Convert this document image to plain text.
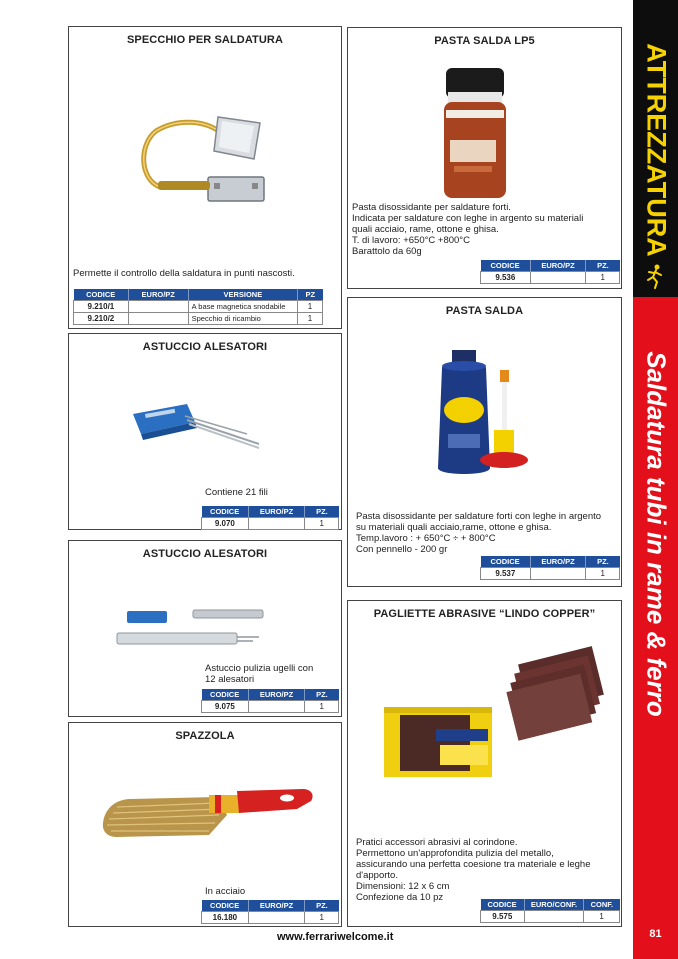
ATTREZZATURA
Saldatura tubi in rame & ferro
81
SPECCHIO PER SALDATURA
Permette il controllo della saldatura in punti nascosti.
CODICE	EURO/PZ	VERSIONE	PZ
9.210/1		A base magnetica snodabile	1
9.210/2		Specchio di ricambio	1
ASTUCCIO ALESATORI
Contiene 21 fili
CODICE	EURO/PZ	PZ.
9.070		1
ASTUCCIO ALESATORI
Astuccio pulizia ugelli con
12 alesatori
CODICE	EURO/PZ	PZ.
9.075		1
SPAZZOLA
In acciaio
CODICE	EURO/PZ	PZ.
16.180		1
PASTA SALDA LP5
Pasta disossidante per saldature forti.
Indicata per saldature con leghe in argento su materiali
quali acciaio, rame, ottone e ghisa.
T. di lavoro: +650°C +800°C
Barattolo da 60g
CODICE	EURO/PZ	PZ.
9.536		1
PASTA SALDA
Pasta disossidante per saldature forti con leghe in argento
su materiali quali acciaio,rame, ottone e ghisa.
Temp.lavoro : + 650°C ÷ + 800°C
Con pennello - 200 gr
CODICE	EURO/PZ	PZ.
9.537		1
PAGLIETTE ABRASIVE “LINDO COPPER”
Pratici accessori abrasivi al corindone.
Permettono un'approfondita pulizia del metallo,
assicurando una perfetta coesione tra materiale e leghe
d'apporto.
Dimensioni: 12 x 6 cm
Confezione da 10 pz
CODICE	EURO/CONF.	CONF.
9.575		1
www.ferrariwelcome.it
